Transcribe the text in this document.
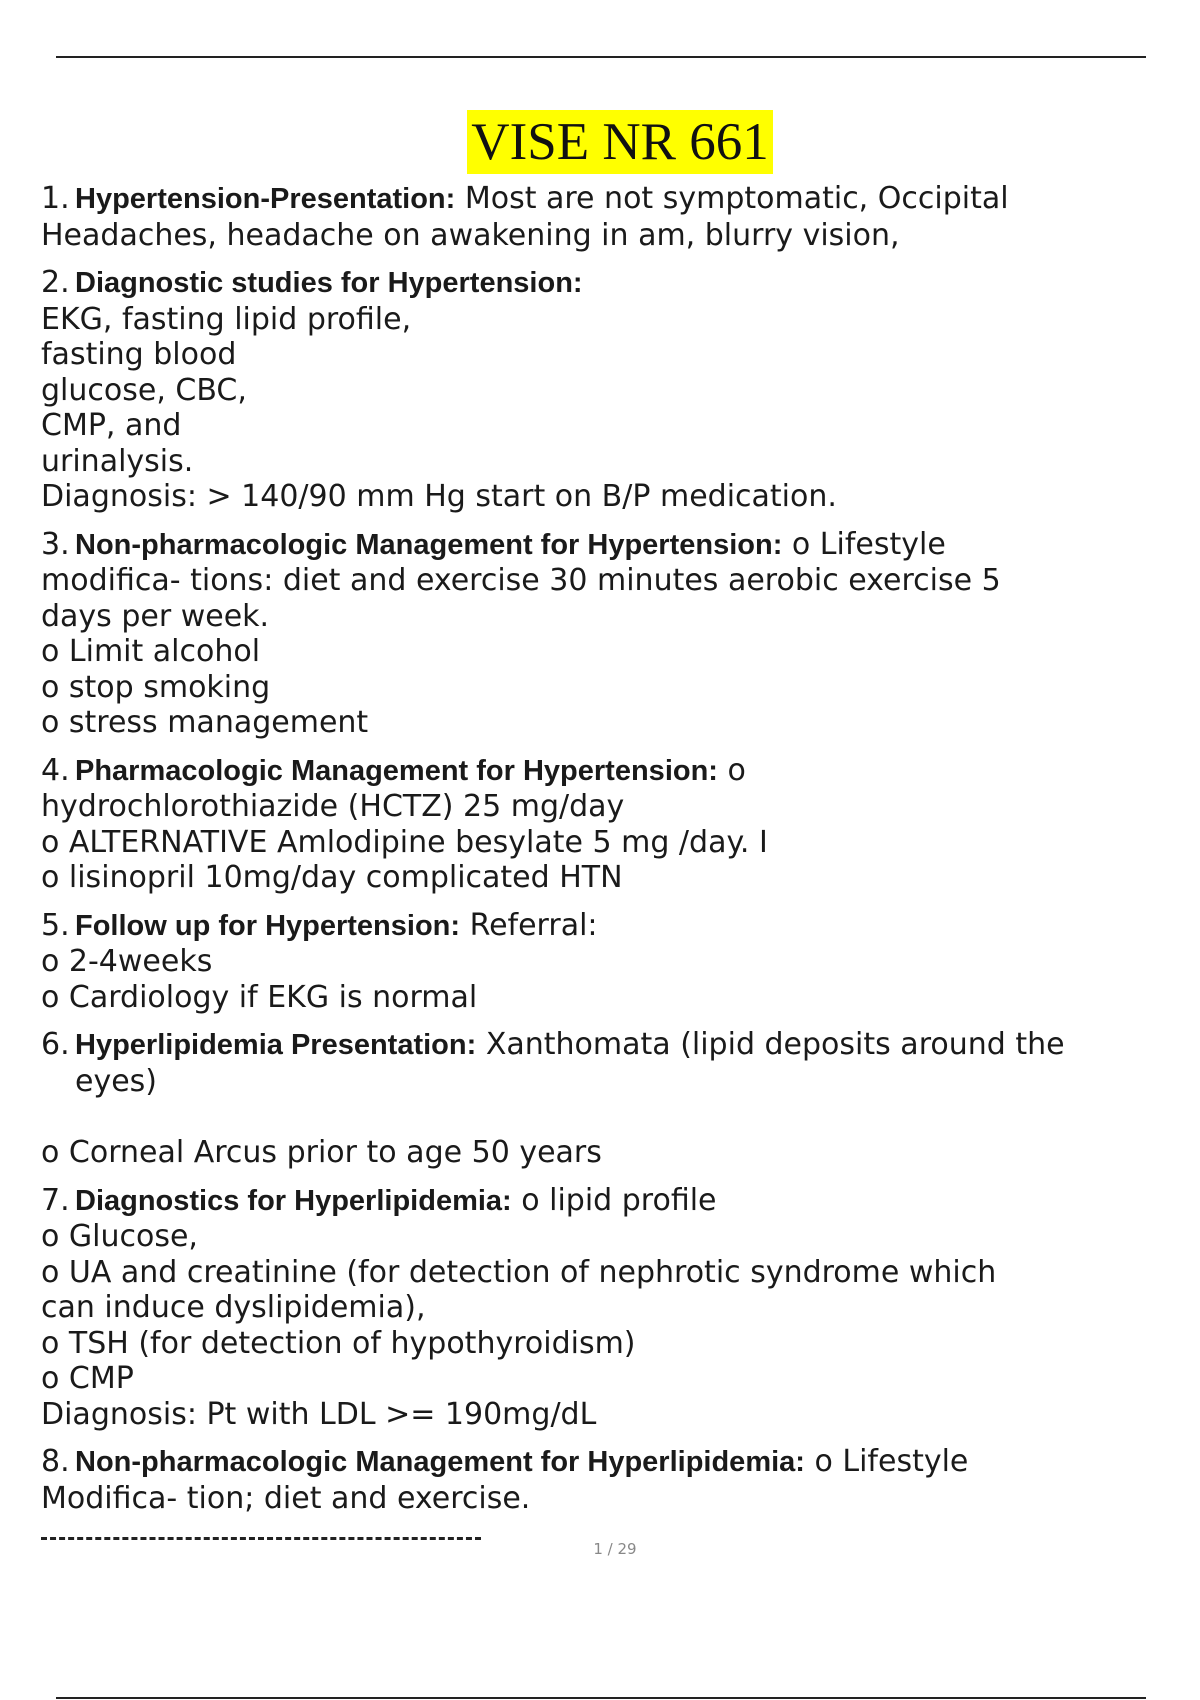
VISE NR 661
1. Hypertension-Presentation: Most are not symptomatic, Occipital
Headaches, headache on awakening in am, blurry vision,
2. Diagnostic studies for Hypertension:
EKG, fasting lipid profile,
fasting blood
glucose, CBC,
CMP, and
urinalysis.
Diagnosis: > 140/90 mm Hg start on B/P medication.
3. Non-pharmacologic Management for Hypertension: o Lifestyle
modifica- tions: diet and exercise 30 minutes aerobic exercise 5
days per week.
o Limit alcohol
o stop smoking
o stress management
4. Pharmacologic Management for Hypertension: o
hydrochlorothiazide (HCTZ) 25 mg/day
o ALTERNATIVE Amlodipine besylate 5 mg /day. I
o lisinopril 10mg/day complicated HTN
5. Follow up for Hypertension: Referral:
o 2-4weeks
o Cardiology if EKG is normal
6. Hyperlipidemia Presentation: Xanthomata (lipid deposits around the
eyes)
o Corneal Arcus prior to age 50 years
7. Diagnostics for Hyperlipidemia: o lipid profile
o Glucose,
o UA and creatinine (for detection of nephrotic syndrome which
can induce dyslipidemia),
o TSH (for detection of hypothyroidism)
o CMP
Diagnosis: Pt with LDL >= 190mg/dL
8. Non-pharmacologic Management for Hyperlipidemia: o Lifestyle
Modifica- tion; diet and exercise.
1 / 29
